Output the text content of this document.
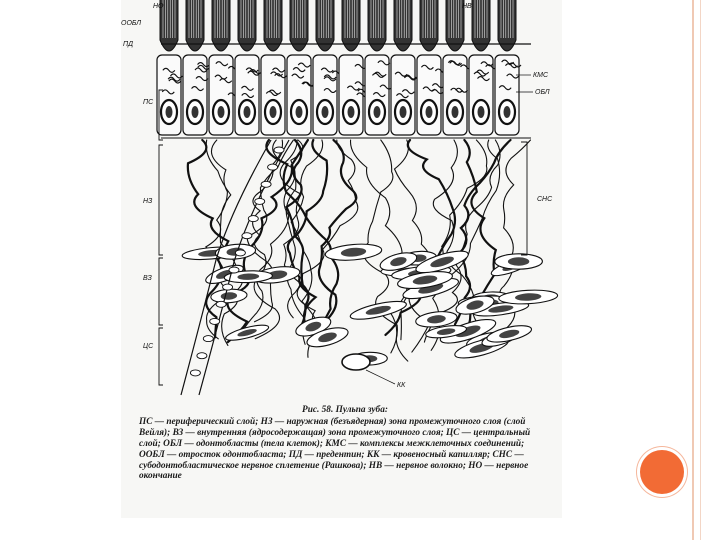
ООБЛ
ПД
НО	НВ
КМС
ОБЛ
СНС
ПС
НЗ
ВЗ
ЦС
КК
Рис. 58. Пульпа зуба:
ПС — периферический слой; НЗ — наружная (безъядерная) зона промежуточного слоя (слой Вейля); ВЗ — внутренняя (ядросодержащая) зона промежуточного слоя; ЦС — центральный слой; ОБЛ — одонтобласты (тела клеток); КМС — комплексы межклеточных соединений; ООБЛ — отросток одонтобласта; ПД — предентин; КК — кровеносный капилляр; СНС — субодонтобластическое нервное сплетение (Рашкова); НВ — нервное волокно; НО — нервное окончание
